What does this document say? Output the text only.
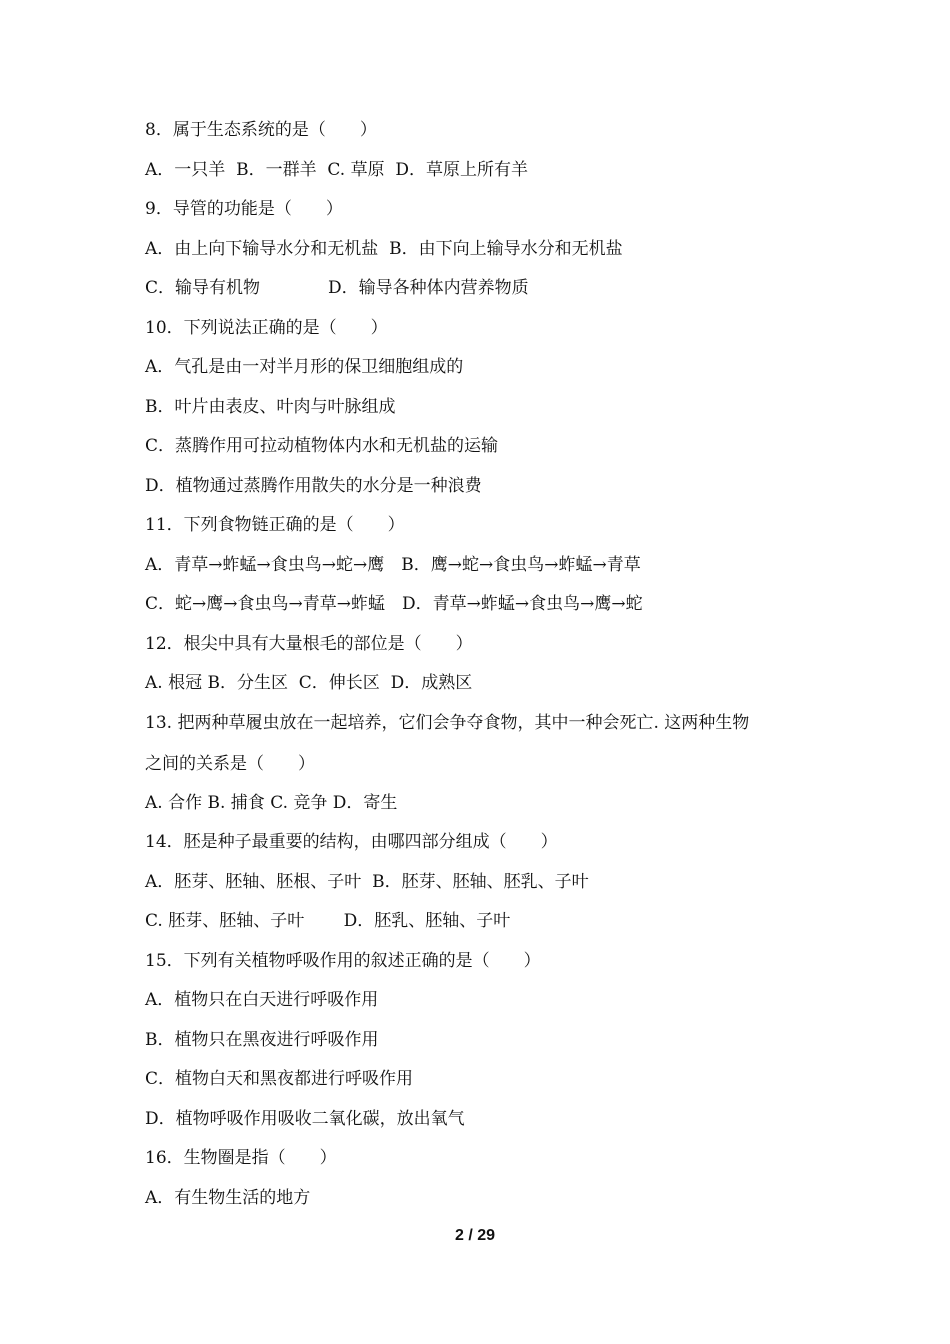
8．属于生态系统的是（　　）
A．一只羊  B．一群羊  C. 草原  D．草原上所有羊
9．导管的功能是（　　）
A．由上向下输导水分和无机盐  B．由下向上输导水分和无机盐
C．输导有机物　　　　D．输导各种体内营养物质
10．下列说法正确的是（　　）
A．气孔是由一对半月形的保卫细胞组成的
B．叶片由表皮、叶肉与叶脉组成
C．蒸腾作用可拉动植物体内水和无机盐的运输
D．植物通过蒸腾作用散失的水分是一种浪费
11．下列食物链正确的是（　　）
A．青草→蚱蜢→食虫鸟→蛇→鹰　B．鹰→蛇→食虫鸟→蚱蜢→青草
C．蛇→鹰→食虫鸟→青草→蚱蜢　D．青草→蚱蜢→食虫鸟→鹰→蛇
12．根尖中具有大量根毛的部位是（　　）
A. 根冠 B．分生区  C．伸长区  D．成熟区
13. 把两种草履虫放在一起培养，它们会争夺食物，其中一种会死亡. 这两种生物
之间的关系是（　　）
A. 合作 B. 捕食 C. 竞争 D．寄生
14．胚是种子最重要的结构，由哪四部分组成（　　）
A．胚芽、胚轴、胚根、子叶  B．胚芽、胚轴、胚乳、子叶
C. 胚芽、胚轴、子叶　　 D．胚乳、胚轴、子叶
15．下列有关植物呼吸作用的叙述正确的是（　　）
A．植物只在白天进行呼吸作用
B．植物只在黑夜进行呼吸作用
C．植物白天和黑夜都进行呼吸作用
D．植物呼吸作用吸收二氧化碳，放出氧气
16．生物圈是指（　　）
A．有生物生活的地方
2 / 29
